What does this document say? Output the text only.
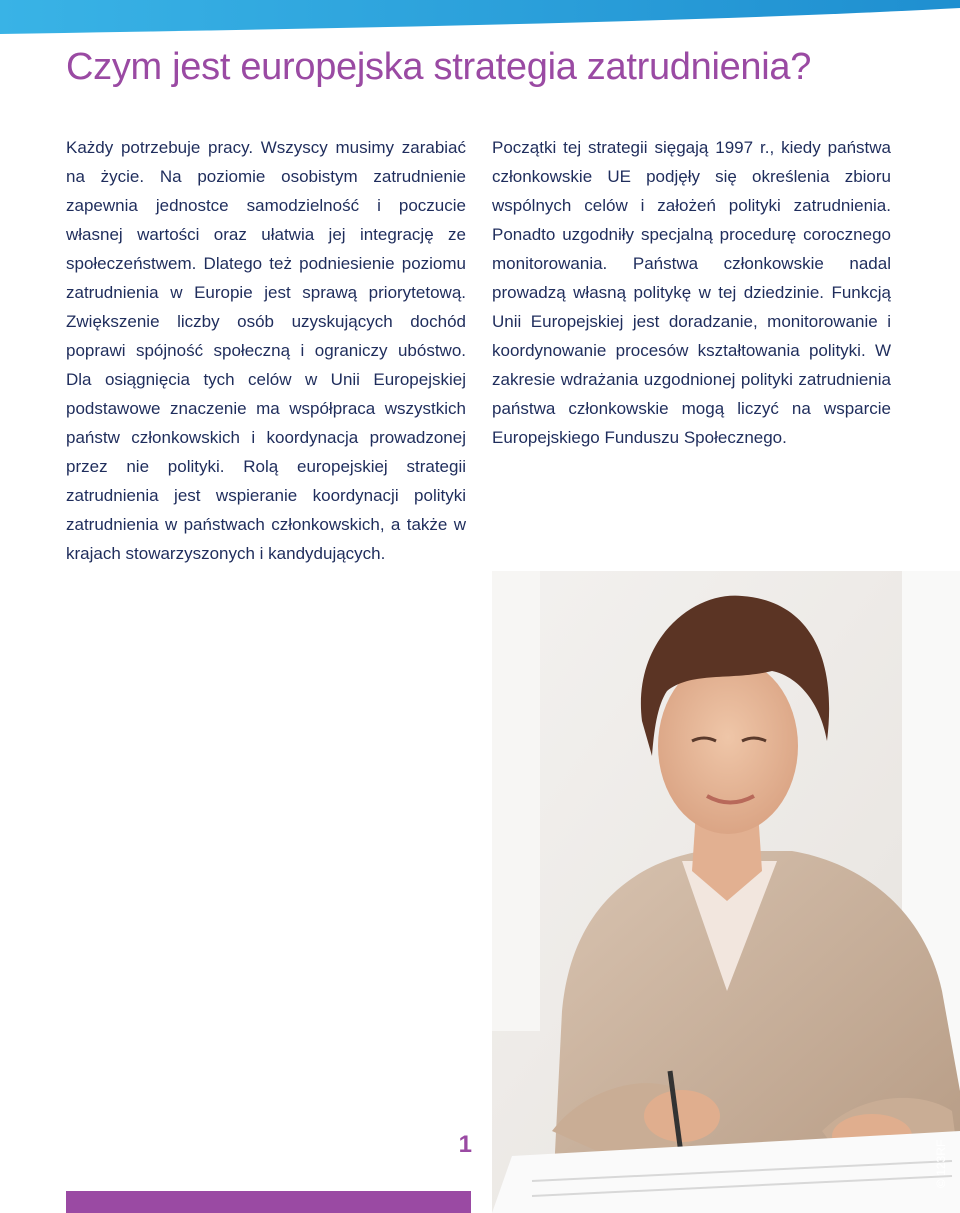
Czym jest europejska strategia zatrudnienia?

Każdy potrzebuje pracy. Wszyscy musimy zarabiać na życie. Na poziomie osobistym zatrudnienie zapewnia jednostce samodzielność i poczucie własnej wartości oraz ułatwia jej integrację ze społeczeństwem. Dlatego też podniesienie poziomu zatrudnienia w Europie jest sprawą priorytetową. Zwiększenie liczby osób uzyskujących dochód poprawi spójność społeczną i ograniczy ubóstwo. Dla osiągnięcia tych celów w Unii Europejskiej podstawowe znaczenie ma współpraca wszystkich państw członkowskich i koordynacja prowadzonej przez nie polityki. Rolą europejskiej strategii zatrudnienia jest wspieranie koordynacji polityki zatrudnienia w państwach członkowskich, a także w krajach stowarzyszonych i kandydujących.

Początki tej strategii sięgają 1997 r., kiedy państwa członkowskie UE podjęły się określenia zbioru wspólnych celów i założeń polityki zatrudnienia. Ponadto uzgodniły specjalną procedurę corocznego monitorowania. Państwa członkowskie nadal prowadzą własną politykę w tej dziedzinie. Funkcją Unii Europejskiej jest doradzanie, monitorowanie i koordynowanie procesów kształtowania polityki. W zakresie wdrażania uzgodnionej polityki zatrudnienia państwa członkowskie mogą liczyć na wsparcie Europejskiego Funduszu Społecznego.

© 123RF
1
